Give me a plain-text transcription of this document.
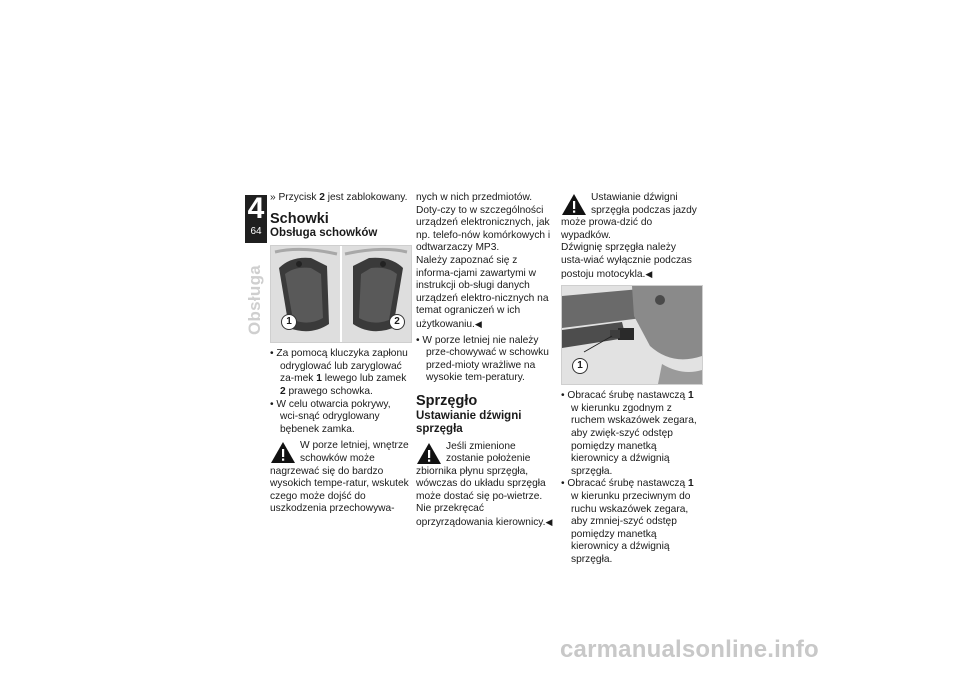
4
64
Obsługa

» Przycisk 2 jest zablokowany.

Schowki
Obsługa schowków
1	2

• Za pomocą kluczyka zapłonu odryglować lub zaryglować za-mek 1 lewego lub zamek 2 prawego schowka.

• W celu otwarcia pokrywy, wci-snąć odryglowany bębenek zamka.

W porze letniej, wnętrze schowków może nagrzewać się do bardzo wysokich tempe-ratur, wskutek czego może dojść do uszkodzenia przechowywa-

nych w nich przedmiotów. Doty-czy to w szczególności urządzeń elektronicznych, jak np. telefo-nów komórkowych i odtwarzaczy MP3.

Należy zapoznać się z informa-cjami zawartymi w instrukcji ob-sługi danych urządzeń elektro-nicznych na temat ograniczeń w ich użytkowaniu.◀

• W porze letniej nie należy prze-chowywać w schowku przed-mioty wrażliwe na wysokie tem-peratury.

Sprzęgło
Ustawianie dźwigni sprzęgła

Jeśli zmienione zostanie położenie zbiornika płynu sprzęgła, wówczas do układu sprzęgła może dostać się po-wietrze.

Nie przekręcać oprzyrządowania kierownicy.◀

Ustawianie dźwigni sprzęgła podczas jazdy może prowa-dzić do wypadków.

Dźwignię sprzęgła należy usta-wiać wyłącznie podczas postoju motocykla.◀

1

• Obracać śrubę nastawczą 1 w kierunku zgodnym z ruchem wskazówek zegara, aby zwięk-szyć odstęp pomiędzy manetką kierownicy a dźwignią sprzęgła.

• Obracać śrubę nastawczą 1 w kierunku przeciwnym do ruchu wskazówek zegara, aby zmniej-szyć odstęp pomiędzy manetką kierownicy a dźwignią sprzęgła.

carmanualsonline.info
